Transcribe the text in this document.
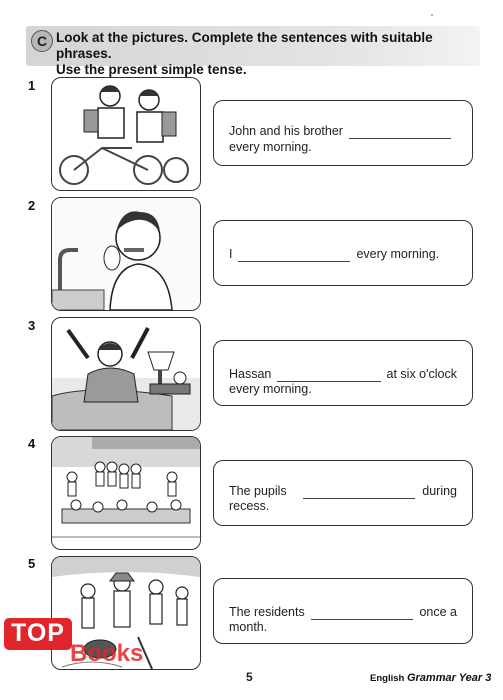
C Look at the pictures. Complete the sentences with suitable phrases.
Use the present simple tense.
1
John and his brother
every morning.
2
I	every morning.
3
Hassan	at six o'clock
every morning.
4
The pupils	during
recess.
5
The residents	once a
month.
5	English Grammar Year 3
TOP
Books
